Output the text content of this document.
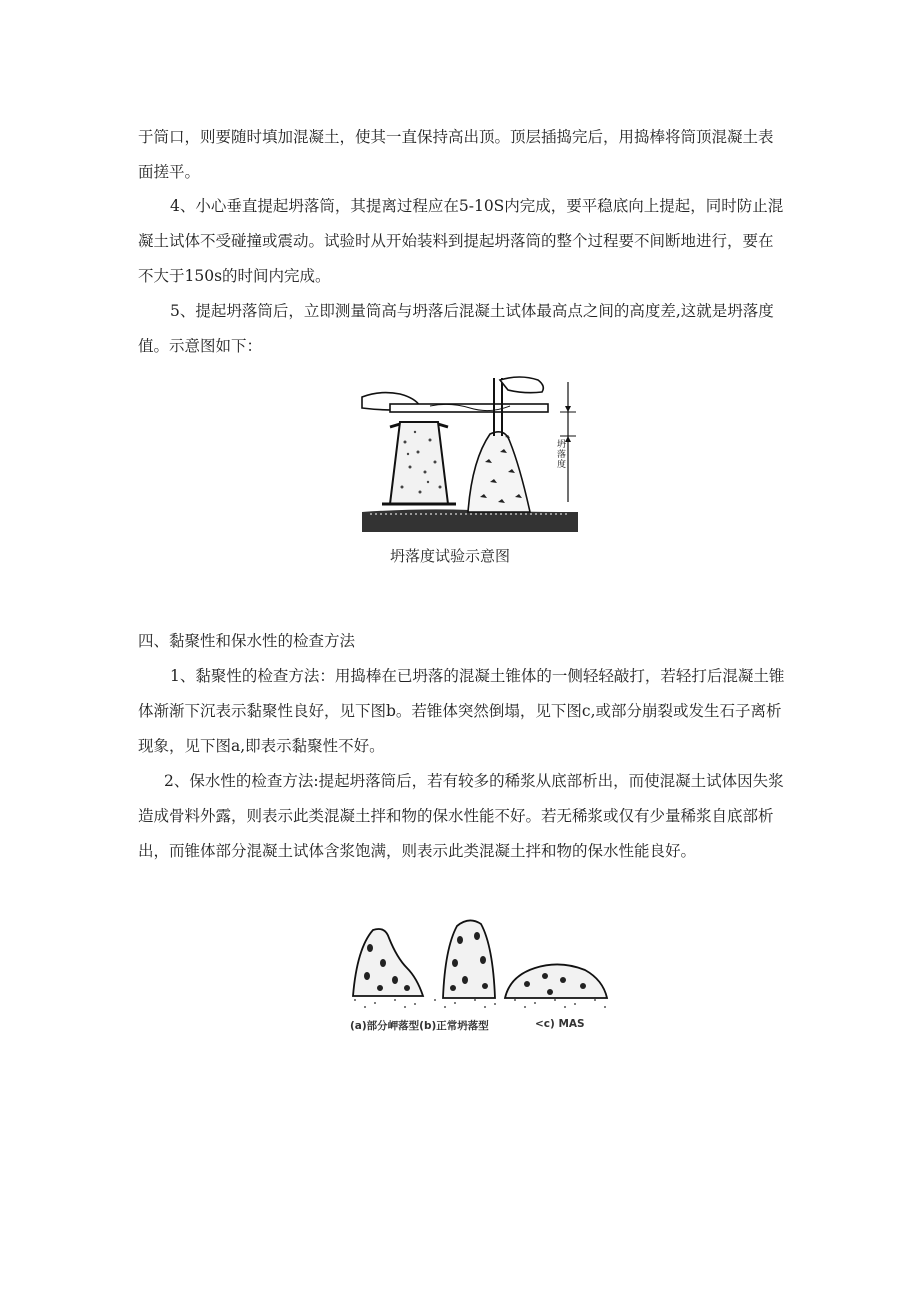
于筒口，则要随时填加混凝土，使其一直保持高出顶。顶层插捣完后，用捣棒将筒顶混凝土表面搓平。

4、小心垂直提起坍落筒，其提离过程应在5-10S内完成，要平稳底向上提起，同时防止混凝土试体不受碰撞或震动。试验时从开始装料到提起坍落筒的整个过程要不间断地进行，要在不大于150s的时间内完成。

5、提起坍落筒后，立即测量筒高与坍落后混凝土试体最高点之间的高度差,这就是坍落度值。示意图如下：

坍落度
坍落度试验示意图

四、黏聚性和保水性的检查方法

1、黏聚性的检查方法：用捣棒在已坍落的混凝土锥体的一侧轻轻敲打，若轻打后混凝土锥体渐渐下沉表示黏聚性良好，见下图b。若锥体突然倒塌，见下图c,或部分崩裂或发生石子离析现象，见下图a,即表示黏聚性不好。

2、保水性的检查方法:提起坍落筒后，若有较多的稀浆从底部析出，而使混凝土试体因失浆造成骨料外露，则表示此类混凝土拌和物的保水性能不好。若无稀浆或仅有少量稀浆自底部析出，而锥体部分混凝土试体含浆饱满，则表示此类混凝土拌和物的保水性能良好。

(a)部分岬落型(b)正常坍落型	<c) MAS
